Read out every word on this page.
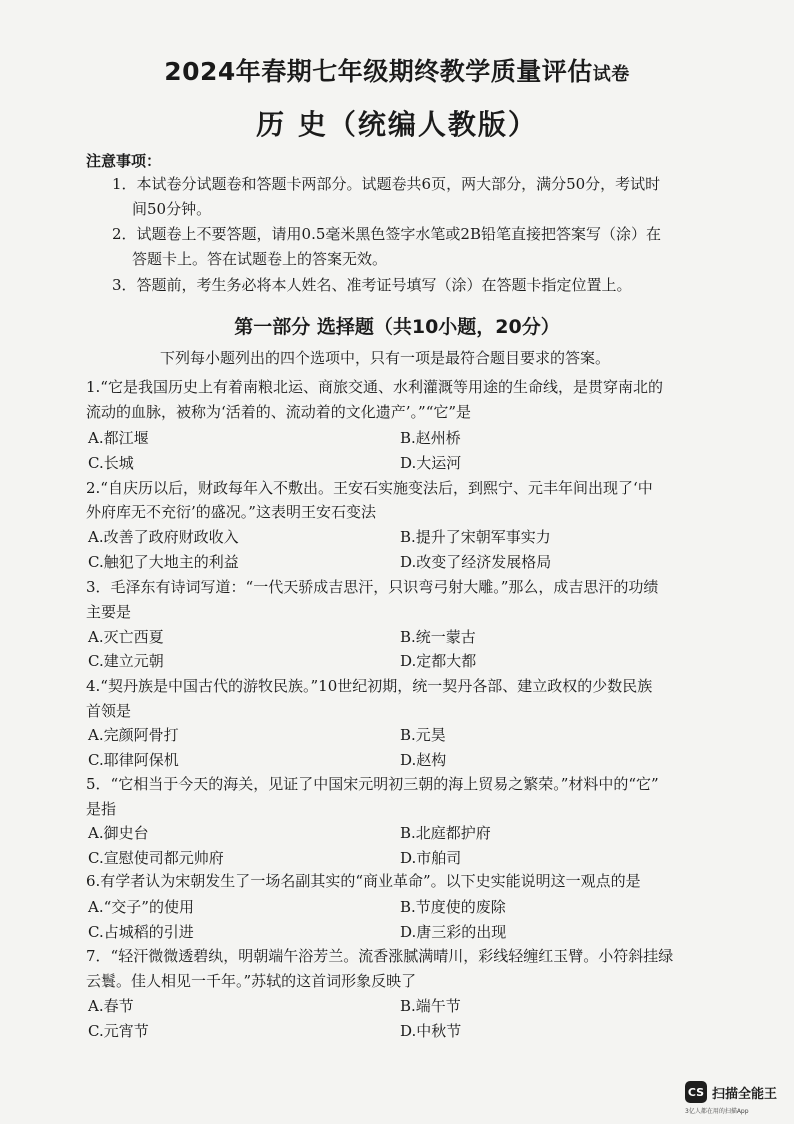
2024年春期七年级期终教学质量评估试卷
历 史（统编人教版）
注意事项：
1．本试卷分试题卷和答题卡两部分。试题卷共6页，两大部分，满分50分，考试时
间50分钟。
2．试题卷上不要答题，请用0.5毫米黑色签字水笔或2B铅笔直接把答案写（涂）在
答题卡上。答在试题卷上的答案无效。
3．答题前，考生务必将本人姓名、准考证号填写（涂）在答题卡指定位置上。
第一部分 选择题（共10小题，20分）
下列每小题列出的四个选项中，只有一项是最符合题目要求的答案。
1.“它是我国历史上有着南粮北运、商旅交通、水利灌溉等用途的生命线，是贯穿南北的
流动的血脉，被称为‘活着的、流动着的文化遗产’。”“它”是
A.都江堰	B.赵州桥
C.长城	D.大运河
2.“自庆历以后，财政每年入不敷出。王安石实施变法后，到熙宁、元丰年间出现了‘中
外府库无不充衍’的盛况。”这表明王安石变法
A.改善了政府财政收入	B.提升了宋朝军事实力
C.触犯了大地主的利益	D.改变了经济发展格局
3．毛泽东有诗词写道：“一代天骄成吉思汗，只识弯弓射大雕。”那么，成吉思汗的功绩
主要是
A.灭亡西夏	B.统一蒙古
C.建立元朝	D.定都大都
4.“契丹族是中国古代的游牧民族。”10世纪初期，统一契丹各部、建立政权的少数民族
首领是
A.完颜阿骨打	B.元昊
C.耶律阿保机	D.赵构
5．“它相当于今天的海关，见证了中国宋元明初三朝的海上贸易之繁荣。”材料中的“它”
是指
A.御史台	B.北庭都护府
C.宣慰使司都元帅府	D.市舶司
6.有学者认为宋朝发生了一场名副其实的“商业革命”。以下史实能说明这一观点的是
A.“交子”的使用	B.节度使的废除
C.占城稻的引进	D.唐三彩的出现
7．“轻汗微微透碧纨，明朝端午浴芳兰。流香涨腻满晴川，彩线轻缠红玉臂。小符斜挂绿
云鬟。佳人相见一千年。”苏轼的这首词形象反映了
A.春节	B.端午节
C.元宵节	D.中秋节
CS 扫描全能王
3亿人都在用的扫描App
